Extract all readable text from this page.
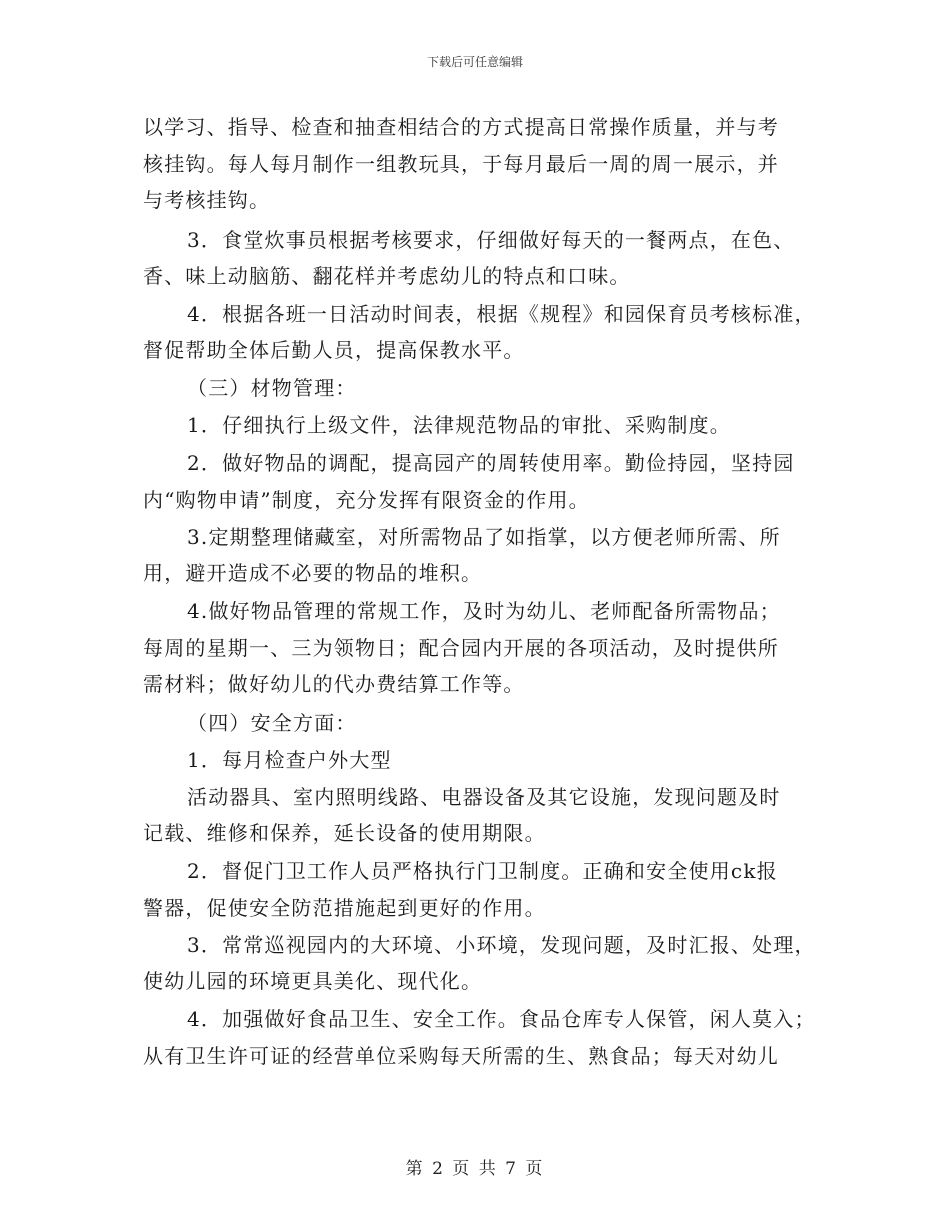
下载后可任意编辑
以学习、指导、检查和抽查相结合的方式提高日常操作质量，并与考
核挂钩。每人每月制作一组教玩具，于每月最后一周的周一展示，并
与考核挂钩。
3．食堂炊事员根据考核要求，仔细做好每天的一餐两点，在色、
香、味上动脑筋、翻花样并考虑幼儿的特点和口味。
4．根据各班一日活动时间表，根据《规程》和园保育员考核标准，
督促帮助全体后勤人员，提高保教水平。
（三）材物管理：
1．仔细执行上级文件，法律规范物品的审批、采购制度。
2．做好物品的调配，提高园产的周转使用率。勤俭持园，坚持园
内“购物申请”制度，充分发挥有限资金的作用。
3.定期整理储藏室，对所需物品了如指掌，以方便老师所需、所
用，避开造成不必要的物品的堆积。
4.做好物品管理的常规工作，及时为幼儿、老师配备所需物品；
每周的星期一、三为领物日；配合园内开展的各项活动，及时提供所
需材料；做好幼儿的代办费结算工作等。
（四）安全方面：
1．每月检查户外大型
活动器具、室内照明线路、电器设备及其它设施，发现问题及时
记载、维修和保养，延长设备的使用期限。
2．督促门卫工作人员严格执行门卫制度。正确和安全使用ck报
警器，促使安全防范措施起到更好的作用。
3．常常巡视园内的大环境、小环境，发现问题，及时汇报、处理，
使幼儿园的环境更具美化、现代化。
4．加强做好食品卫生、安全工作。食品仓库专人保管，闲人莫入；
从有卫生许可证的经营单位采购每天所需的生、熟食品；每天对幼儿
第 2 页 共 7 页
